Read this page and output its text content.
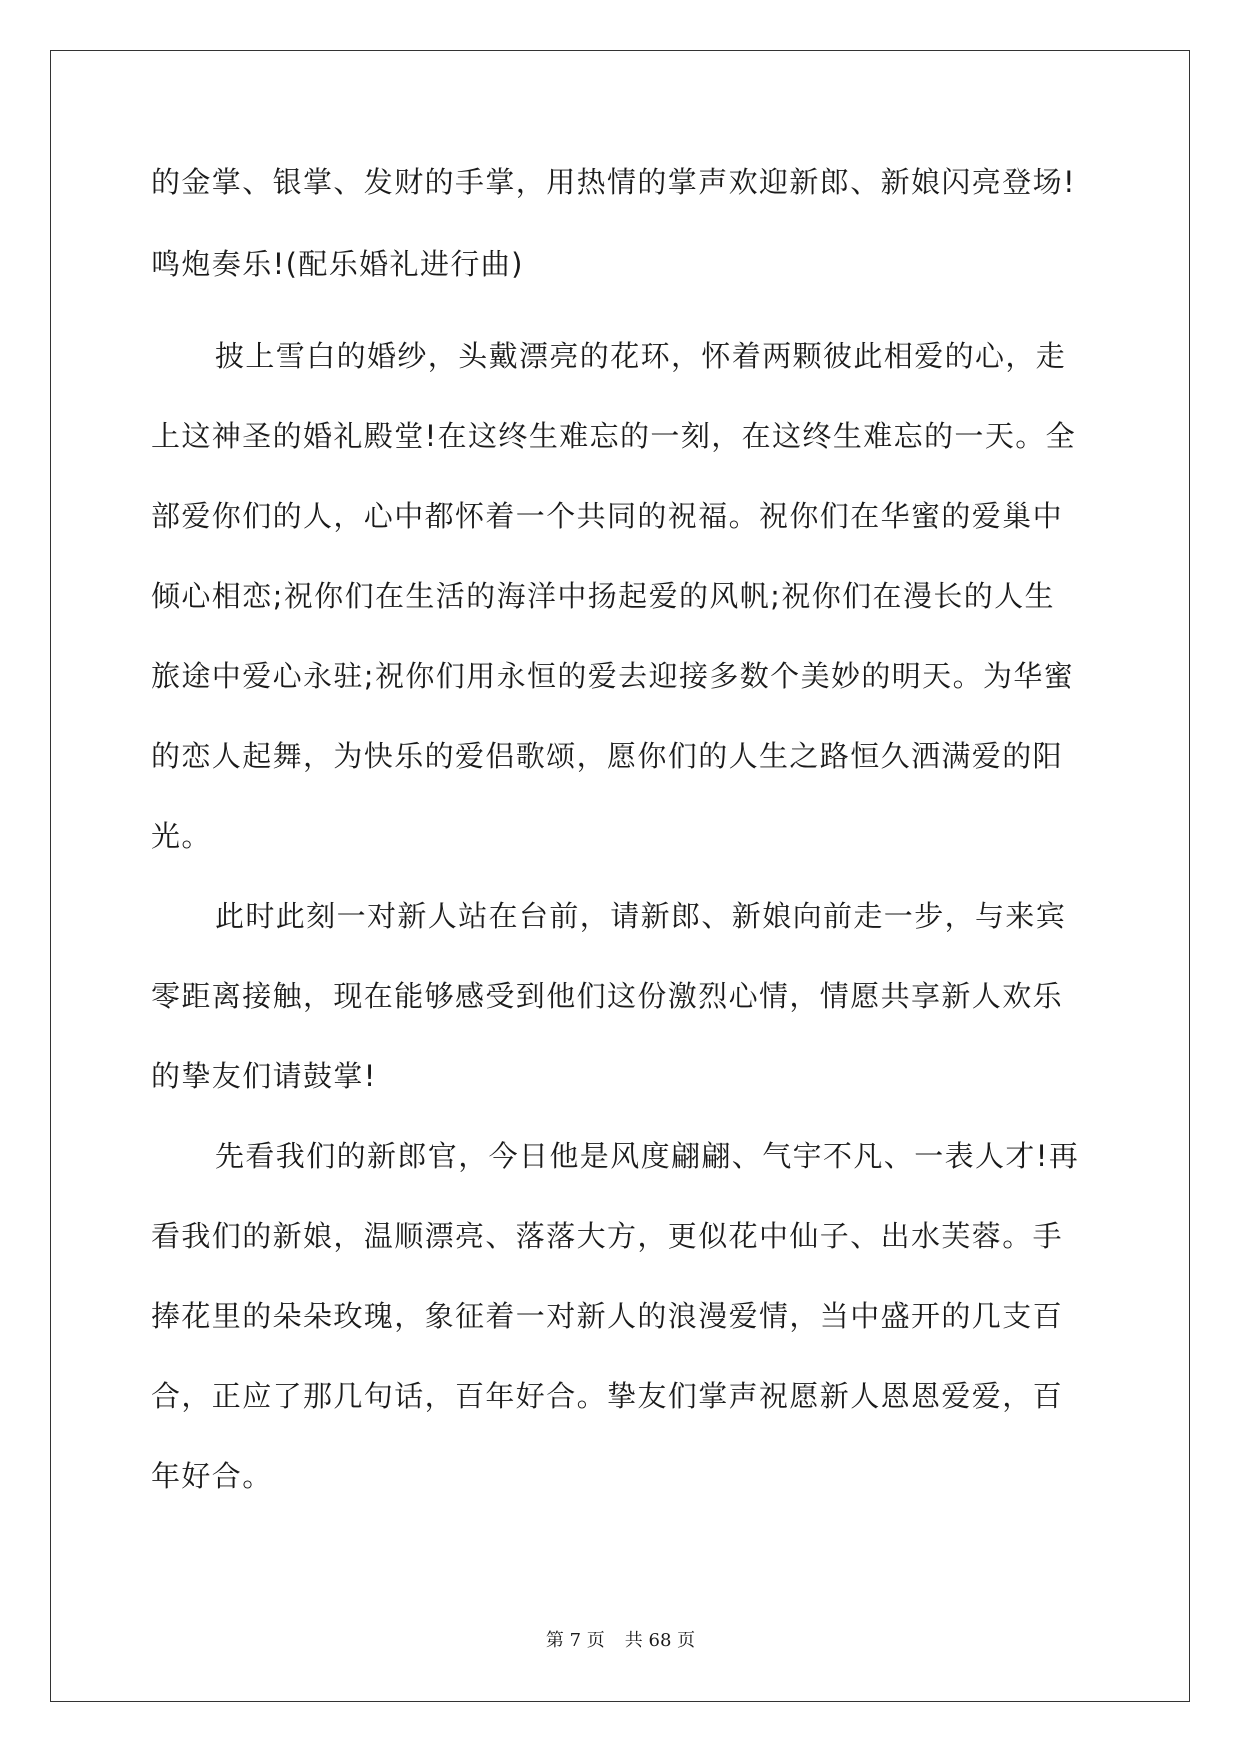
的金掌、银掌、发财的手掌，用热情的掌声欢迎新郎、新娘闪亮登场!
鸣炮奏乐!(配乐婚礼进行曲)
披上雪白的婚纱，头戴漂亮的花环，怀着两颗彼此相爱的心，走
上这神圣的婚礼殿堂!在这终生难忘的一刻，在这终生难忘的一天。全
部爱你们的人，心中都怀着一个共同的祝福。祝你们在华蜜的爱巢中
倾心相恋;祝你们在生活的海洋中扬起爱的风帆;祝你们在漫长的人生
旅途中爱心永驻;祝你们用永恒的爱去迎接多数个美妙的明天。为华蜜
的恋人起舞，为快乐的爱侣歌颂，愿你们的人生之路恒久洒满爱的阳
光。
此时此刻一对新人站在台前，请新郎、新娘向前走一步，与来宾
零距离接触，现在能够感受到他们这份激烈心情，情愿共享新人欢乐
的挚友们请鼓掌!
先看我们的新郎官，今日他是风度翩翩、气宇不凡、一表人才!再
看我们的新娘，温顺漂亮、落落大方，更似花中仙子、出水芙蓉。手
捧花里的朵朵玫瑰，象征着一对新人的浪漫爱情，当中盛开的几支百
合，正应了那几句话，百年好合。挚友们掌声祝愿新人恩恩爱爱，百
年好合。
第 7 页 共 68 页
